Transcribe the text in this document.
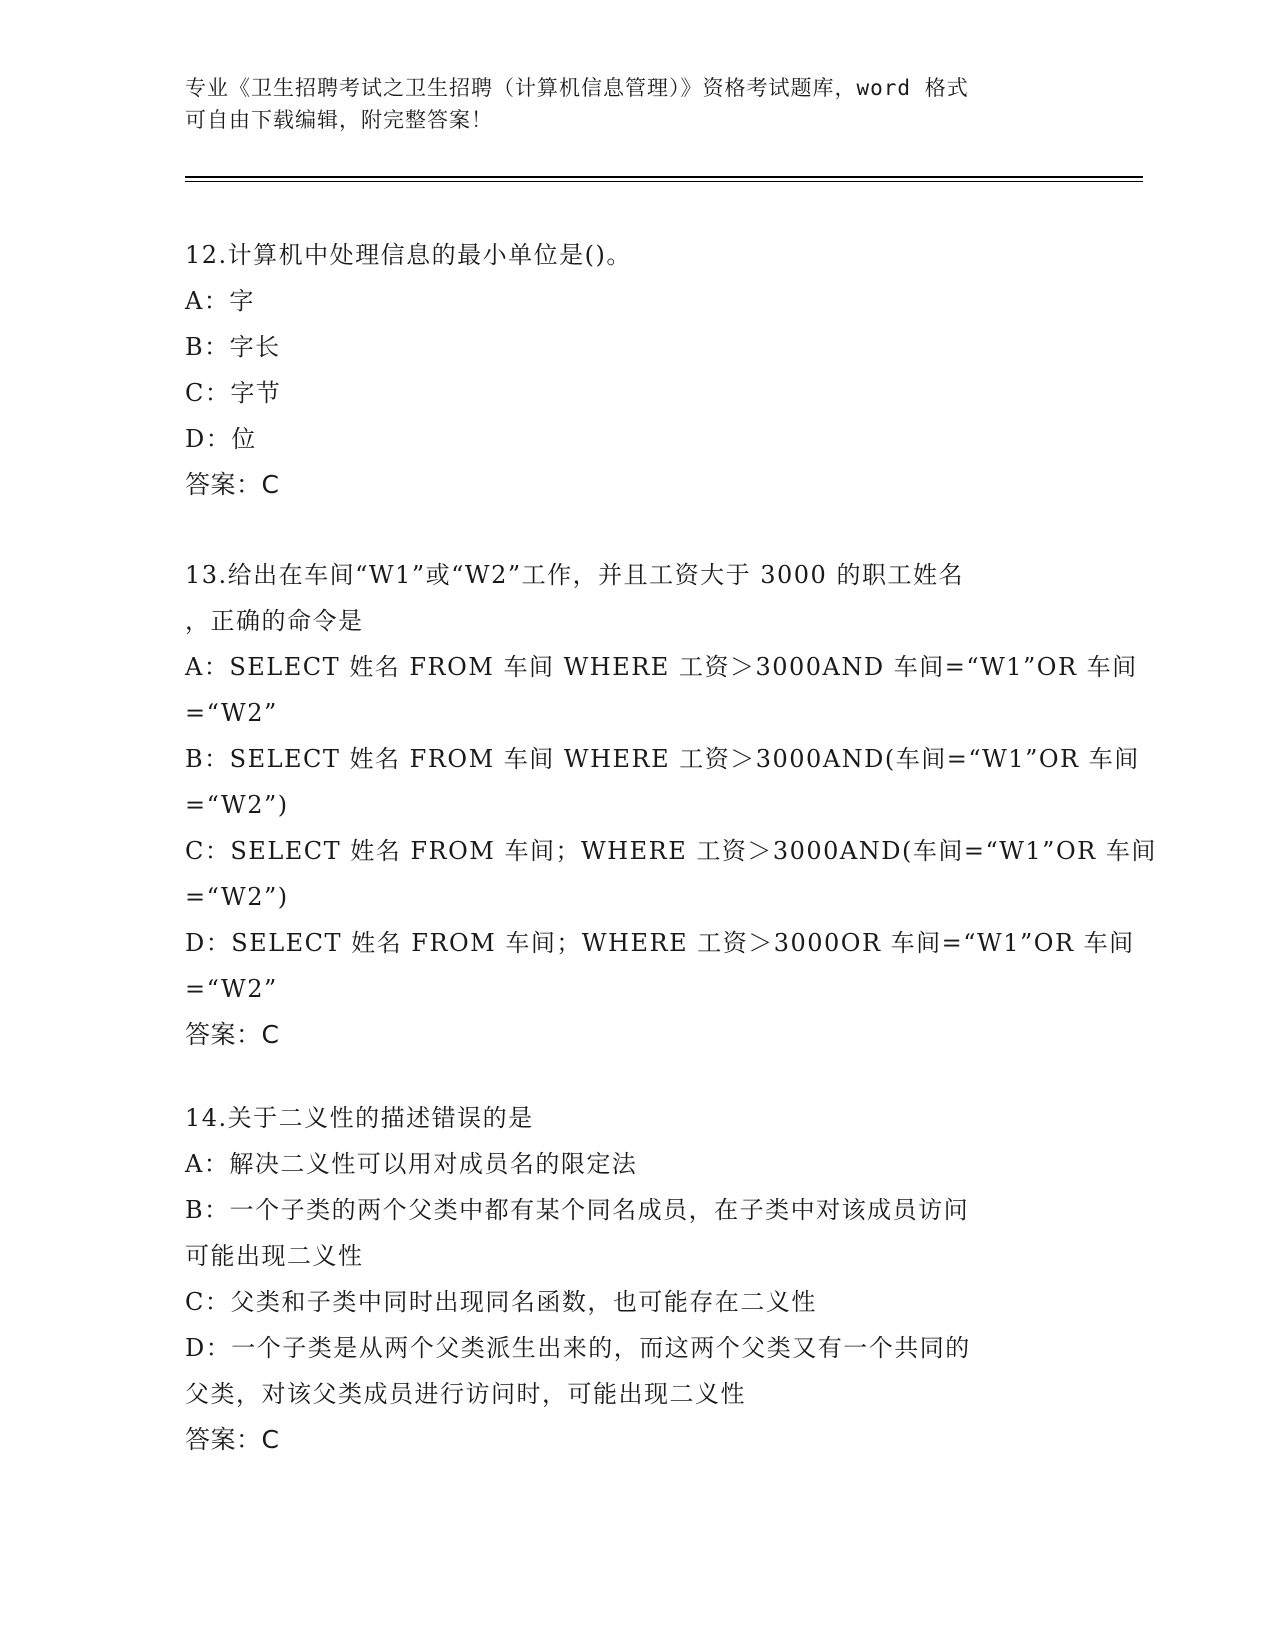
专业《卫生招聘考试之卫生招聘（计算机信息管理）》资格考试题库，word 格式
可自由下载编辑，附完整答案！
12.计算机中处理信息的最小单位是()。
A：字
B：字长
C：字节
D：位
答案：C
13.给出在车间“W1”或“W2”工作，并且工资大于 3000 的职工姓名
，正确的命令是
A：SELECT 姓名 FROM 车间 WHERE 工资＞3000AND 车间=“W1”OR 车间
=“W2”
B：SELECT 姓名 FROM 车间 WHERE 工资＞3000AND(车间=“W1”OR 车间
=“W2”)
C：SELECT 姓名 FROM 车间；WHERE 工资＞3000AND(车间=“W1”OR 车间
=“W2”)
D：SELECT 姓名 FROM 车间；WHERE 工资＞3000OR 车间=“W1”OR 车间
=“W2”
答案：C
14.关于二义性的描述错误的是
A：解决二义性可以用对成员名的限定法
B：一个子类的两个父类中都有某个同名成员，在子类中对该成员访问
可能出现二义性
C：父类和子类中同时出现同名函数，也可能存在二义性
D：一个子类是从两个父类派生出来的，而这两个父类又有一个共同的
父类，对该父类成员进行访问时，可能出现二义性
答案：C
